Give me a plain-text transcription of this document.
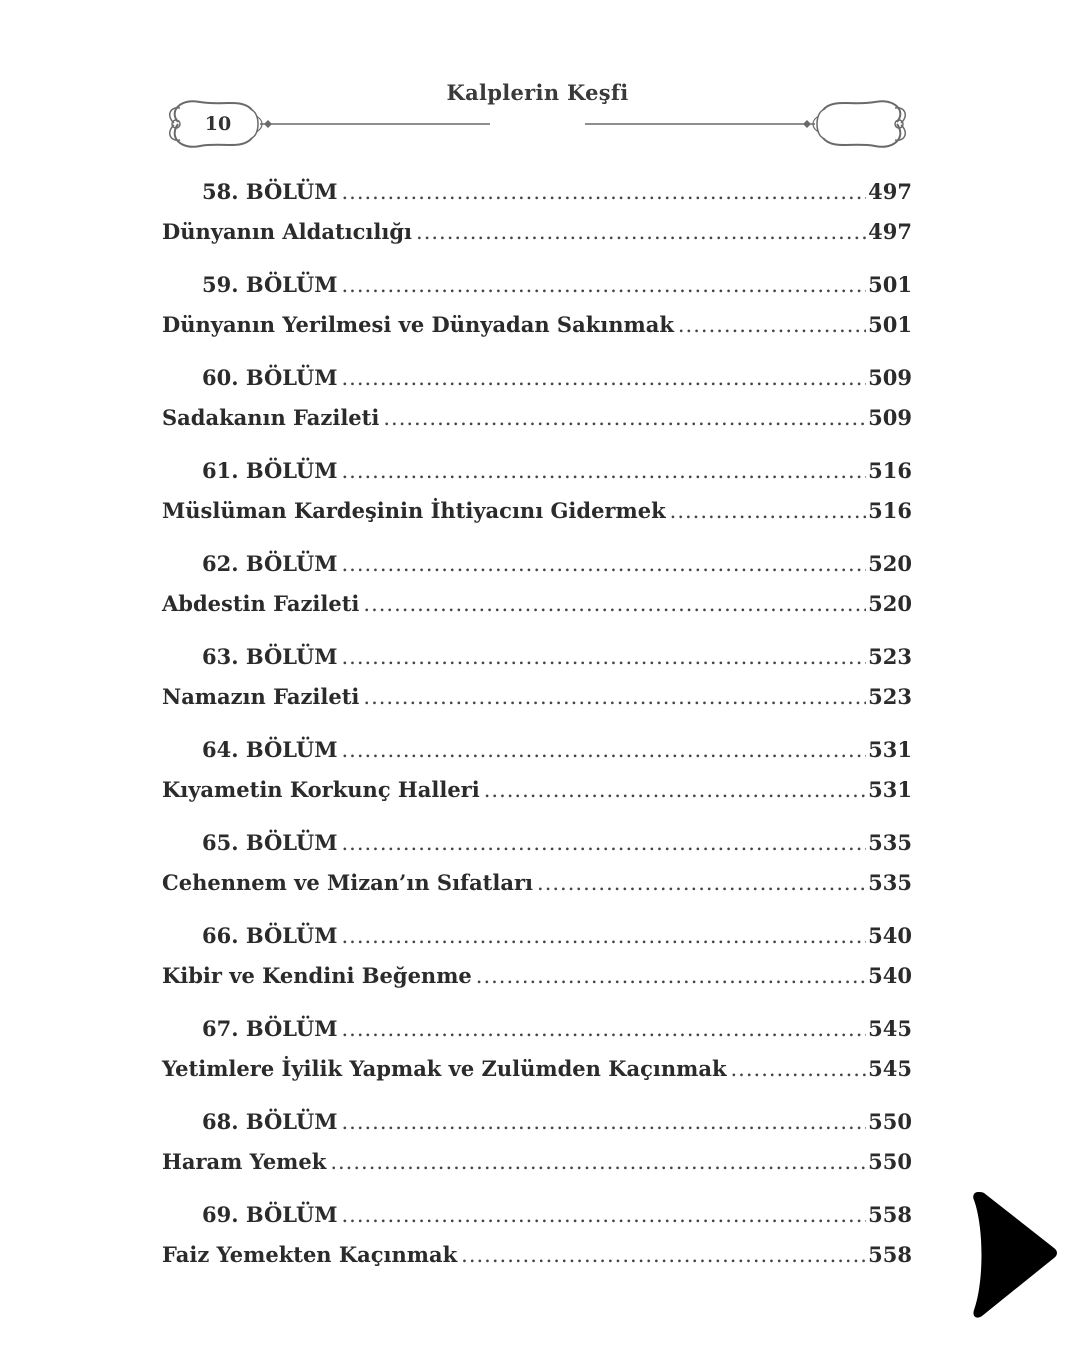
Kalplerin Keşfi
10
58. BÖLÜM .....	497
Dünyanın Aldatıcılığı .....	497
59. BÖLÜM .....	501
Dünyanın Yerilmesi ve Dünyadan Sakınmak .....	501
60. BÖLÜM .....	509
Sadakanın Fazileti .....	509
61. BÖLÜM .....	516
Müslüman Kardeşinin İhtiyacını Gidermek .....	516
62. BÖLÜM .....	520
Abdestin Fazileti .....	520
63. BÖLÜM .....	523
Namazın Fazileti .....	523
64. BÖLÜM .....	531
Kıyametin Korkunç Halleri .....	531
65. BÖLÜM .....	535
Cehennem ve Mizan’ın Sıfatları .....	535
66. BÖLÜM .....	540
Kibir ve Kendini Beğenme .....	540
67. BÖLÜM .....	545
Yetimlere İyilik Yapmak ve Zulümden Kaçınmak .....	545
68. BÖLÜM .....	550
Haram Yemek .....	550
69. BÖLÜM .....	558
Faiz Yemekten Kaçınmak .....	558
